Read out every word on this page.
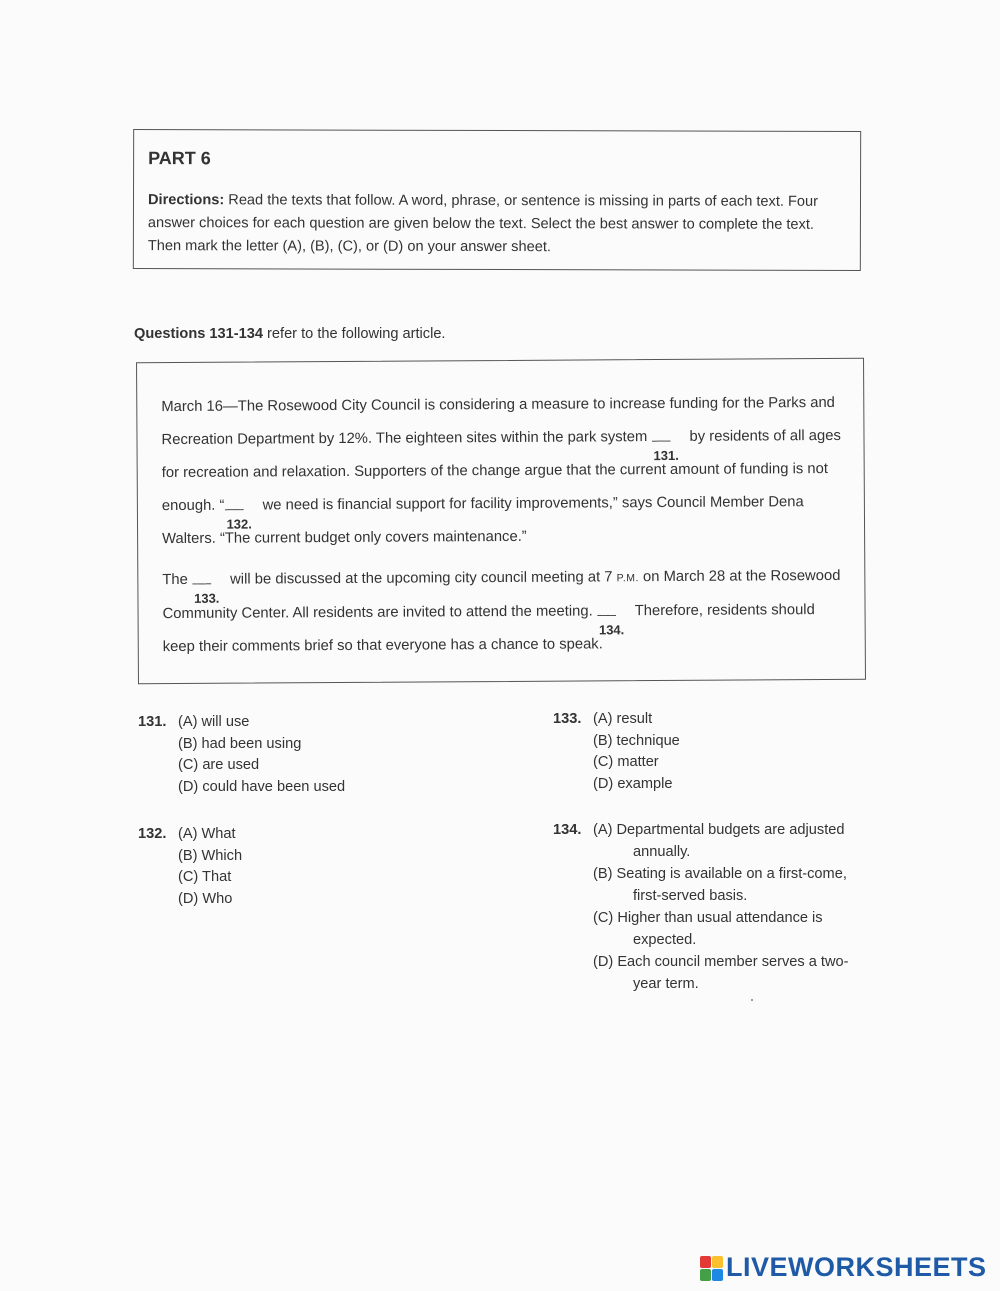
PART 6
Directions: Read the texts that follow. A word, phrase, or sentence is missing in parts of each text. Four answer choices for each question are given below the text. Select the best answer to complete the text. Then mark the letter (A), (B), (C), or (D) on your answer sheet.
Questions 131-134 refer to the following article.

March 16—The Rosewood City Council is considering a measure to increase funding for the Parks and Recreation Department by 12%. The eighteen sites within the park system -------
131.
by residents of all ages for recreation and relaxation. Supporters of the change argue that the current amount of funding is not enough. “ -------
132.
we need is financial support for facility improvements,” says Council Member Dena Walters. “The current budget only covers maintenance.”

The -------
133.
will be discussed at the upcoming city council meeting at 7 P.M. on March 28 at the Rosewood Community Center. All residents are invited to attend the meeting. -------
134.
Therefore, residents should keep their comments brief so that everyone has a chance to speak.

131. (A) will use
(B) had been using
(C) are used
(D) could have been used
132. (A) What
(B) Which
(C) That
(D) Who
133. (A) result
(B) technique
(C) matter
(D) example
134. (A) Departmental budgets are adjusted
annually.
(B) Seating is available on a first-come,
first-served basis.
(C) Higher than usual attendance is
expected.
(D) Each council member serves a two-
year term.
LIVEWORKSHEETS
